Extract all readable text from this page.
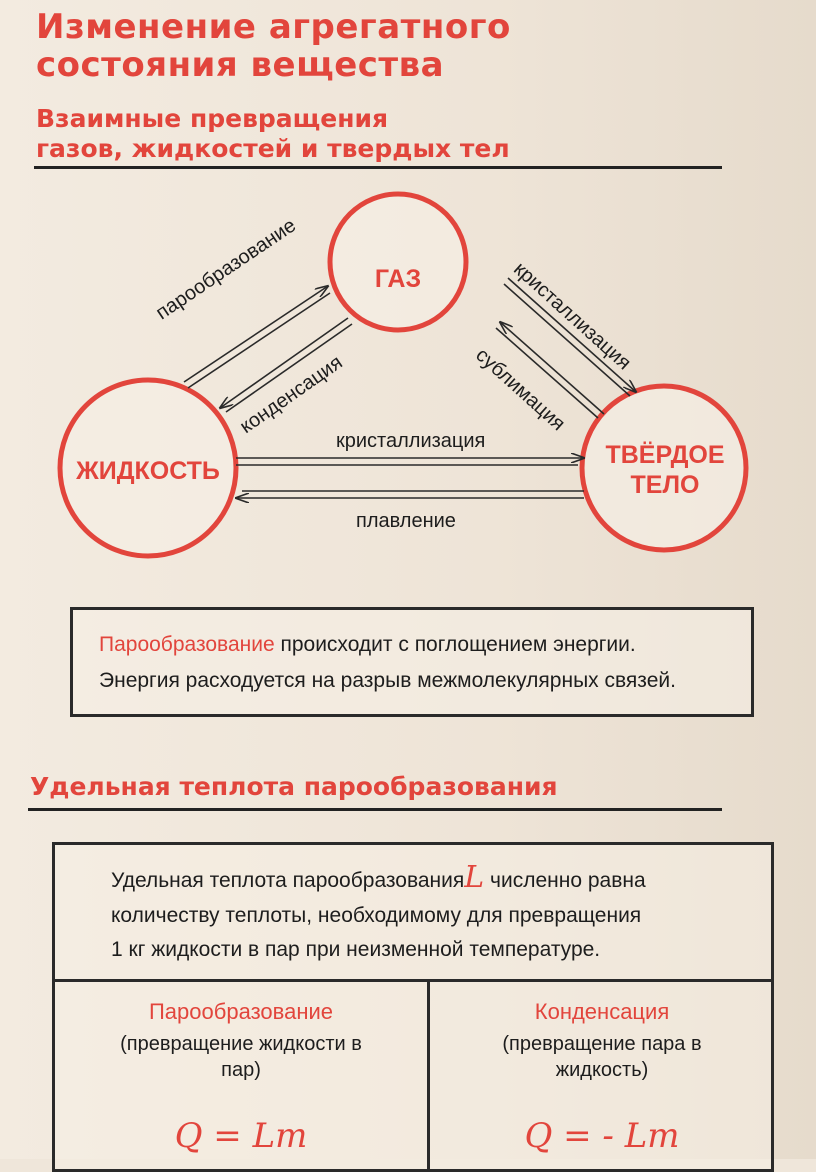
Изменение агрегатного
состояния вещества
Взаимные превращения
газов, жидкостей и твердых тел
ГАЗ
ЖИДКОСТЬ
ТВЁРДОЕ
ТЕЛО
парообразование
конденсация
кристаллизация
сублимация
кристаллизация
плавление
Парообразование происходит с поглощением энергии.
Энергия расходуется на разрыв межмолекулярных связей.
Удельная теплота парообразования
Удельная теплота парообразованияL численно равна
количеству теплоты, необходимому для превращения
1 кг жидкости в пар при неизменной температуре.
Парообразование
(превращение жидкости в
пар)
Q = Lm
Конденсация
(превращение пара в
жидкость)
Q = - Lm
